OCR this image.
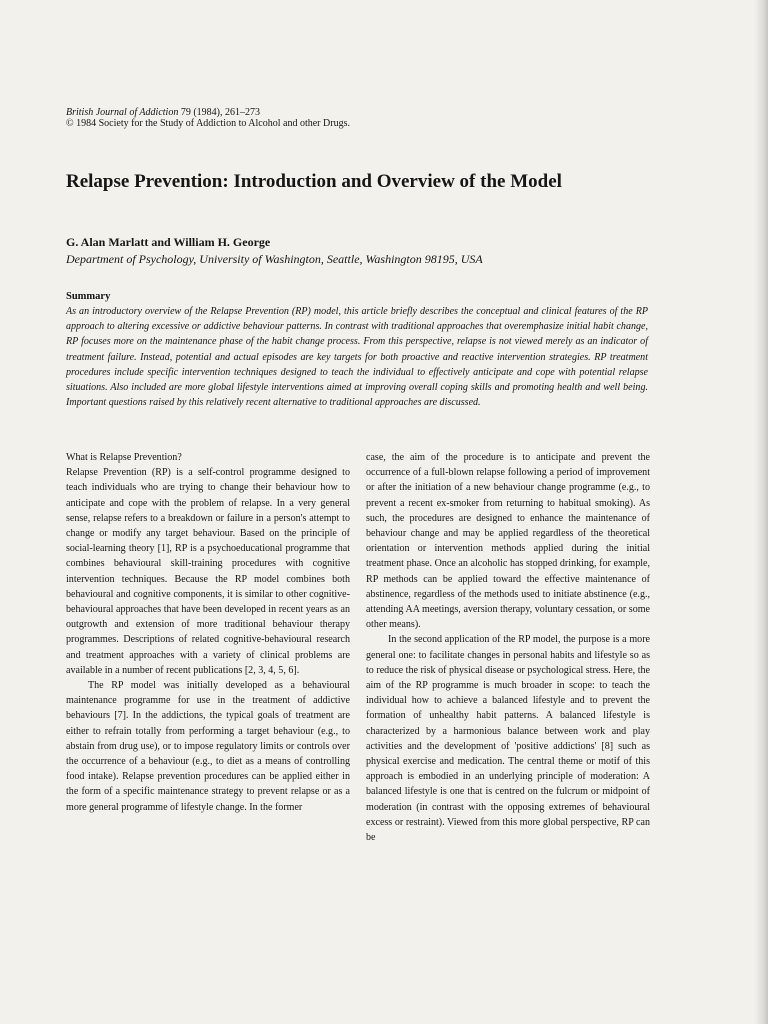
British Journal of Addiction 79 (1984), 261–273
© 1984 Society for the Study of Addiction to Alcohol and other Drugs.
Relapse Prevention: Introduction and Overview of the Model
G. Alan Marlatt and William H. George
Department of Psychology, University of Washington, Seattle, Washington 98195, USA
Summary

As an introductory overview of the Relapse Prevention (RP) model, this article briefly describes the conceptual and clinical features of the RP approach to altering excessive or addictive behaviour patterns. In contrast with traditional approaches that overemphasize initial habit change, RP focuses more on the maintenance phase of the habit change process. From this perspective, relapse is not viewed merely as an indicator of treatment failure. Instead, potential and actual episodes are key targets for both proactive and reactive intervention strategies. RP treatment procedures include specific intervention techniques designed to teach the individual to effectively anticipate and cope with potential relapse situations. Also included are more global lifestyle interventions aimed at improving overall coping skills and promoting health and well being. Important questions raised by this relatively recent alternative to traditional approaches are discussed.

What is Relapse Prevention?

Relapse Prevention (RP) is a self-control programme designed to teach individuals who are trying to change their behaviour how to anticipate and cope with the problem of relapse. In a very general sense, relapse refers to a breakdown or failure in a person's attempt to change or modify any target behaviour. Based on the principle of social-learning theory [1], RP is a psychoeducational programme that combines behavioural skill-training procedures with cognitive intervention techniques. Because the RP model combines both behavioural and cognitive components, it is similar to other cognitive-behavioural approaches that have been developed in recent years as an outgrowth and extension of more traditional behaviour therapy programmes. Descriptions of related cognitive-behavioural research and treatment approaches with a variety of clinical problems are available in a number of recent publications [2, 3, 4, 5, 6].

The RP model was initially developed as a behavioural maintenance programme for use in the treatment of addictive behaviours [7]. In the addictions, the typical goals of treatment are either to refrain totally from performing a target behaviour (e.g., to abstain from drug use), or to impose regulatory limits or controls over the occurrence of a behaviour (e.g., to diet as a means of controlling food intake). Relapse prevention procedures can be applied either in the form of a specific maintenance strategy to prevent relapse or as a more general programme of lifestyle change. In the former

case, the aim of the procedure is to anticipate and prevent the occurrence of a full-blown relapse following a period of improvement or after the initiation of a new behaviour change programme (e.g., to prevent a recent ex-smoker from returning to habitual smoking). As such, the procedures are designed to enhance the maintenance of behaviour change and may be applied regardless of the theoretical orientation or intervention methods applied during the initial treatment phase. Once an alcoholic has stopped drinking, for example, RP methods can be applied toward the effective maintenance of abstinence, regardless of the methods used to initiate abstinence (e.g., attending AA meetings, aversion therapy, voluntary cessation, or some other means).

In the second application of the RP model, the purpose is a more general one: to facilitate changes in personal habits and lifestyle so as to reduce the risk of physical disease or psychological stress. Here, the aim of the RP programme is much broader in scope: to teach the individual how to achieve a balanced lifestyle and to prevent the formation of unhealthy habit patterns. A balanced lifestyle is characterized by a harmonious balance between work and play activities and the development of 'positive addictions' [8] such as physical exercise and medication. The central theme or motif of this approach is embodied in an underlying principle of moderation: A balanced lifestyle is one that is centred on the fulcrum or midpoint of moderation (in contrast with the opposing extremes of behavioural excess or restraint). Viewed from this more global perspective, RP can be
